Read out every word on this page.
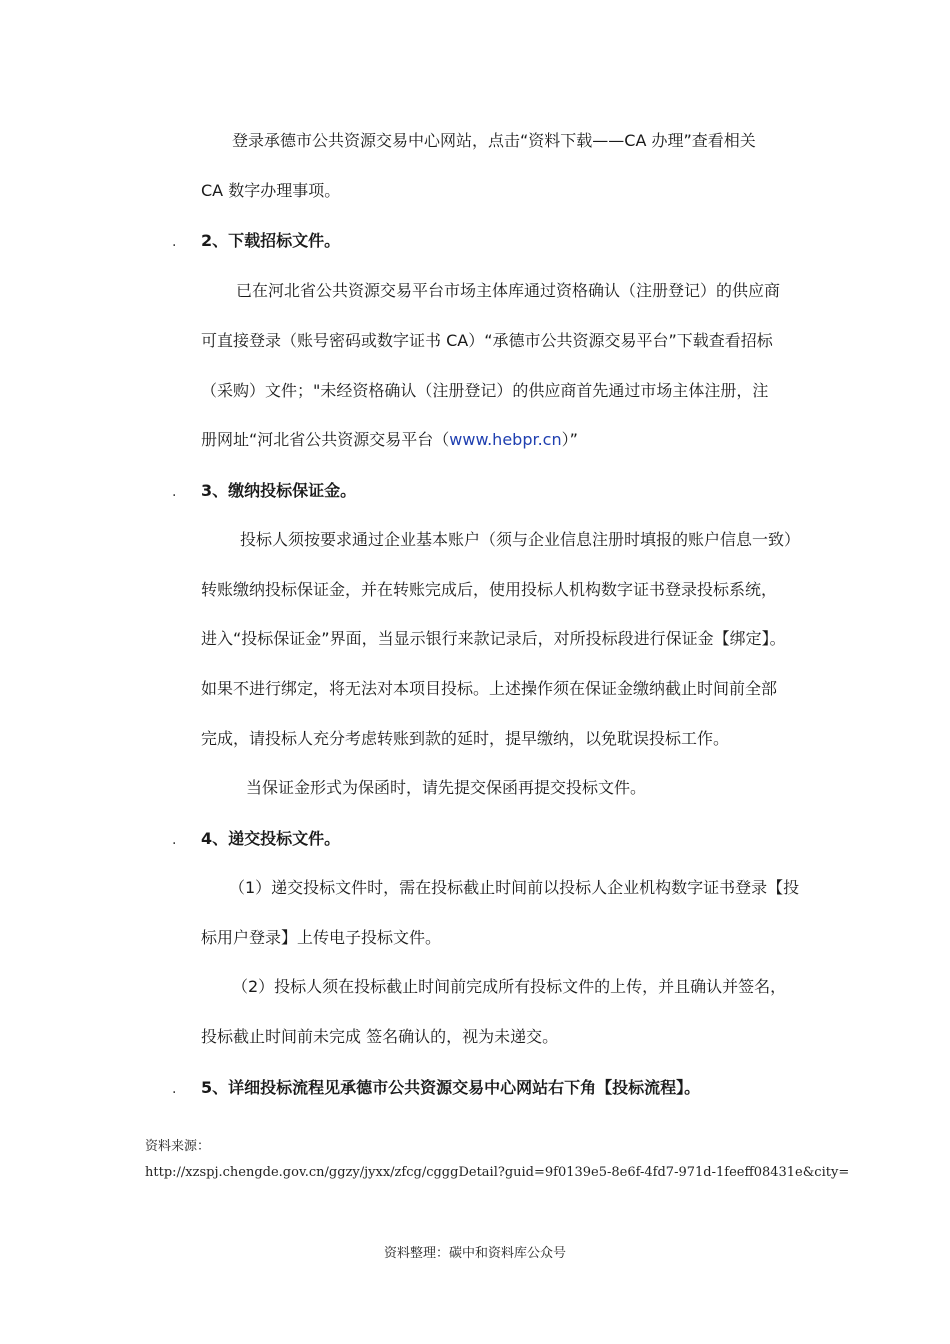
登录承德市公共资源交易中心网站，点击“资料下载——CA 办理”查看相关
CA 数字办理事项。
. 2、下载招标文件。
已在河北省公共资源交易平台市场主体库通过资格确认（注册登记）的供应商
可直接登录（账号密码或数字证书 CA）“承德市公共资源交易平台”下载查看招标
（采购）文件；"未经资格确认（注册登记）的供应商首先通过市场主体注册，注
册网址“河北省公共资源交易平台（www.hebpr.cn）”
. 3、缴纳投标保证金。
投标人须按要求通过企业基本账户（须与企业信息注册时填报的账户信息一致）
转账缴纳投标保证金，并在转账完成后，使用投标人机构数字证书登录投标系统，
进入“投标保证金”界面，当显示银行来款记录后，对所投标段进行保证金【绑定】。
如果不进行绑定，将无法对本项目投标。上述操作须在保证金缴纳截止时间前全部
完成，请投标人充分考虑转账到款的延时，提早缴纳，以免耽误投标工作。
当保证金形式为保函时，请先提交保函再提交投标文件。
. 4、递交投标文件。
（1）递交投标文件时，需在投标截止时间前以投标人企业机构数字证书登录【投
标用户登录】上传电子投标文件。
（2）投标人须在投标截止时间前完成所有投标文件的上传，并且确认并签名，
投标截止时间前未完成 签名确认的，视为未递交。
. 5、详细投标流程见承德市公共资源交易中心网站右下角【投标流程】。
资料来源：
http://xzspj.chengde.gov.cn/ggzy/jyxx/zfcg/cgggDetail?guid=9f0139e5-8e6f-4fd7-971d-1feeff08431e&city=
资料整理：碳中和资料库公众号
